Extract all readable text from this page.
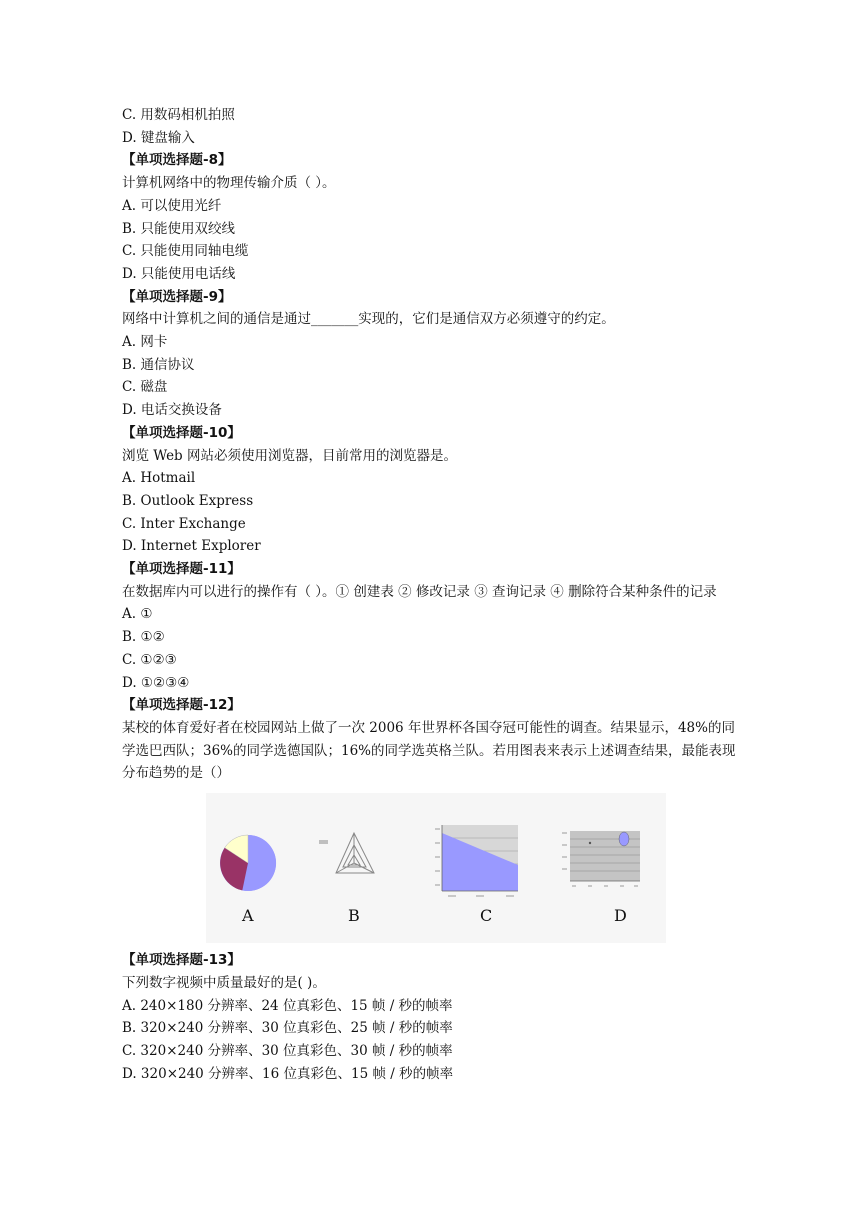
C. 用数码相机拍照
D. 键盘输入
【单项选择题-8】
计算机网络中的物理传输介质（ ）。
A. 可以使用光纤
B. 只能使用双绞线
C. 只能使用同轴电缆
D. 只能使用电话线
【单项选择题-9】
网络中计算机之间的通信是通过_______实现的，它们是通信双方必须遵守的约定。
A. 网卡
B. 通信协议
C. 磁盘
D. 电话交换设备
【单项选择题-10】
浏览 Web 网站必须使用浏览器，目前常用的浏览器是。
A. Hotmail
B. Outlook Express
C. Inter Exchange
D. Internet Explorer
【单项选择题-11】
在数据库内可以进行的操作有（ ）。① 创建表 ② 修改记录 ③ 查询记录 ④ 删除符合某种条件的记录
A. ①
B. ①②
C. ①②③
D. ①②③④
【单项选择题-12】
某校的体育爱好者在校园网站上做了一次 2006 年世界杯各国夺冠可能性的调查。结果显示，48%的同学选巴西队；36%的同学选德国队；16%的同学选英格兰队。若用图表来表示上述调查结果，最能表现分布趋势的是（）
A	B	C	D
【单项选择题-13】
下列数字视频中质量最好的是( )。
A. 240×180 分辨率、24 位真彩色、15 帧 / 秒的帧率
B. 320×240 分辨率、30 位真彩色、25 帧 / 秒的帧率
C. 320×240 分辨率、30 位真彩色、30 帧 / 秒的帧率
D. 320×240 分辨率、16 位真彩色、15 帧 / 秒的帧率
